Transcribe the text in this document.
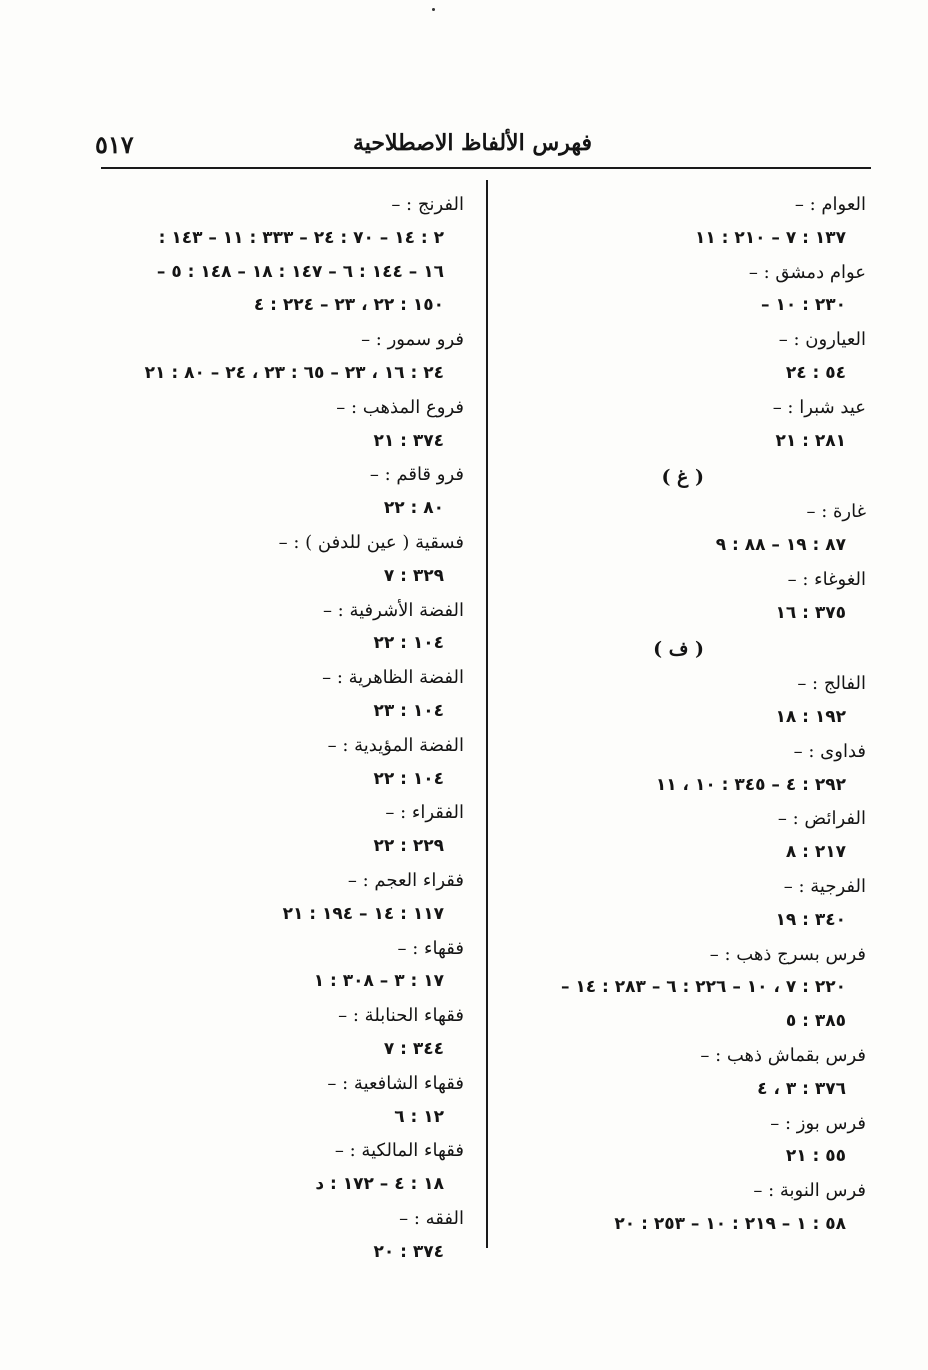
فهرس الألفاظ الاصطلاحية
٥١٧
العوام : –
١٣٧ : ٧ – ٢١٠ : ١١
عوام دمشق : –
٢٣٠ : ١٠ –
العيارون : –
٥٤ : ٢٤
عيد شبرا : –
٢٨١ : ٢١
( غ )
غارة : –
٨٧ : ١٩ – ٨٨ : ٩
الغوغاء : –
٣٧٥ : ١٦
( ف )
الفالج : –
١٩٢ : ١٨
فداوى : –
٢٩٢ : ٤ – ٣٤٥ : ١٠ ، ١١
الفرائض : –
٢١٧ : ٨
الفرجية : –
٣٤٠ : ١٩
فرس بسرج ذهب : –
٢٢٠ : ٧ ، ١٠ – ٢٢٦ : ٦ – ٢٨٣ : ١٤ –
٣٨٥ : ٥
فرس بقماش ذهب : –
٣٧٦ : ٣ ، ٤
فرس بوز : –
٥٥ : ٢١
فرس النوبة : –
٥٨ : ١ – ٢١٩ : ١٠ – ٢٥٣ : ٢٠
الفرنج : –
٢ : ١٤ – ٧٠ : ٢٤ – ٣٣٣ : ١١ – ١٤٣ :
١٦ – ١٤٤ : ٦ – ١٤٧ : ١٨ – ١٤٨ : ٥ –
١٥٠ : ٢٢ ، ٢٣ – ٢٢٤ : ٤
فرو سمور : –
٢٤ : ١٦ ، ٢٣ – ٦٥ : ٢٣ ، ٢٤ – ٨٠ : ٢١
فروع المذهب : –
٣٧٤ : ٢١
فرو قاقم : –
٨٠ : ٢٢
فسقية ( عين للدفن ) : –
٣٢٩ : ٧
الفضة الأشرفية : –
١٠٤ : ٢٢
الفضة الظاهرية : –
١٠٤ : ٢٣
الفضة المؤيدية : –
١٠٤ : ٢٢
الفقراء : –
٢٢٩ : ٢٢
فقراء العجم : –
١١٧ : ١٤ – ١٩٤ : ٢١
فقهاء : –
١٧ : ٣ – ٣٠٨ : ١
فقهاء الحنابلة : –
٣٤٤ : ٧
فقهاء الشافعية : –
١٢ : ٦
فقهاء المالكية : –
١٨ : ٤ – ١٧٢ : د
الفقه : –
٣٧٤ : ٢٠
